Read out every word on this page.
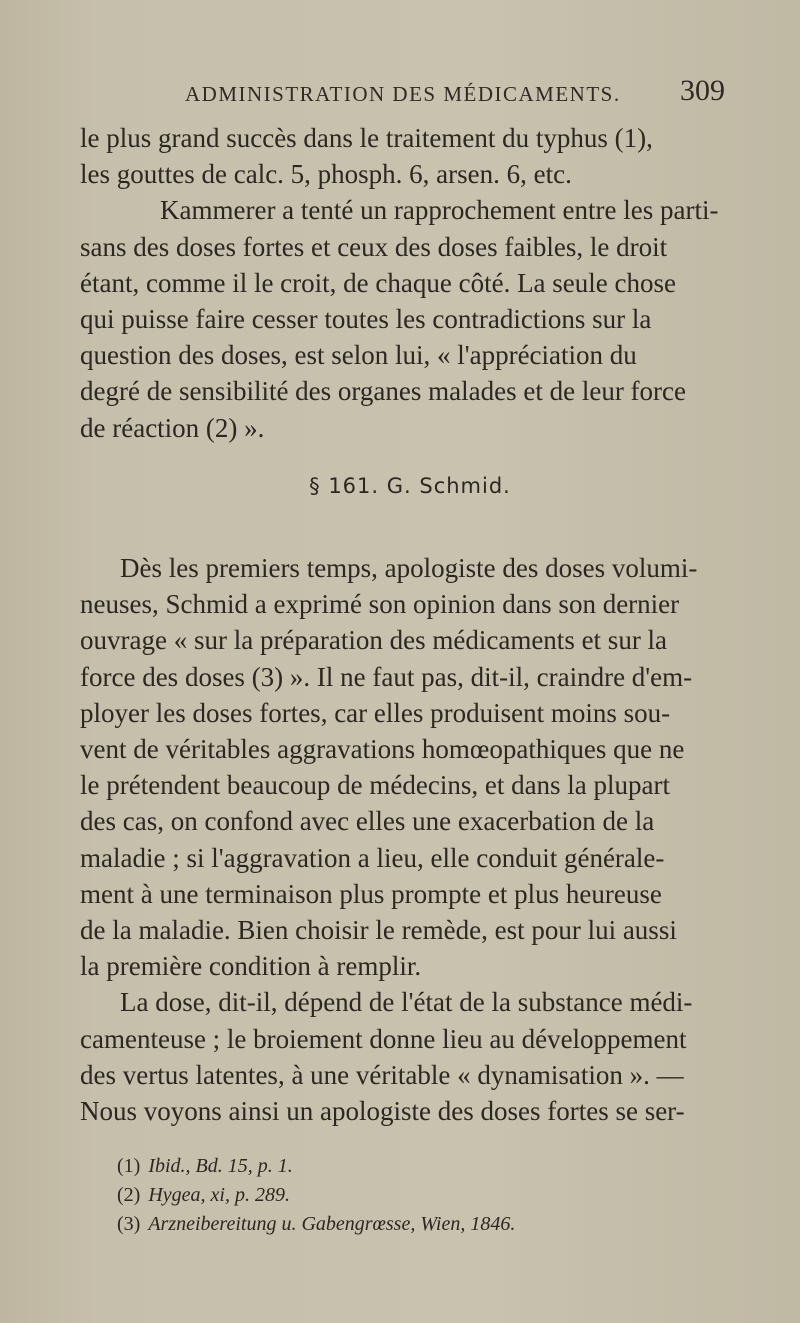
ADMINISTRATION DES MÉDICAMENTS. 309

le plus grand succès dans le traitement du typhus (1),
les gouttes de calc. 5, phosph. 6, arsen. 6, etc.

Kammerer a tenté un rapprochement entre les parti-
sans des doses fortes et ceux des doses faibles, le droit
étant, comme il le croit, de chaque côté. La seule chose
qui puisse faire cesser toutes les contradictions sur la
question des doses, est selon lui, « l'appréciation du
degré de sensibilité des organes malades et de leur force
de réaction (2) ».

§ 161. G. Schmid.

Dès les premiers temps, apologiste des doses volumi-
neuses, Schmid a exprimé son opinion dans son dernier
ouvrage « sur la préparation des médicaments et sur la
force des doses (3) ». Il ne faut pas, dit-il, craindre d'em-
ployer les doses fortes, car elles produisent moins sou-
vent de véritables aggravations homœopathiques que ne
le prétendent beaucoup de médecins, et dans la plupart
des cas, on confond avec elles une exacerbation de la
maladie ; si l'aggravation a lieu, elle conduit générale-
ment à une terminaison plus prompte et plus heureuse
de la maladie. Bien choisir le remède, est pour lui aussi
la première condition à remplir.

La dose, dit-il, dépend de l'état de la substance médi-
camenteuse ; le broiement donne lieu au développement
des vertus latentes, à une véritable « dynamisation ». —
Nous voyons ainsi un apologiste des doses fortes se ser-

(1) Ibid., Bd. 15, p. 1.
(2) Hygea, xi, p. 289.
(3) Arzneibereitung u. Gabengrœsse, Wien, 1846.
